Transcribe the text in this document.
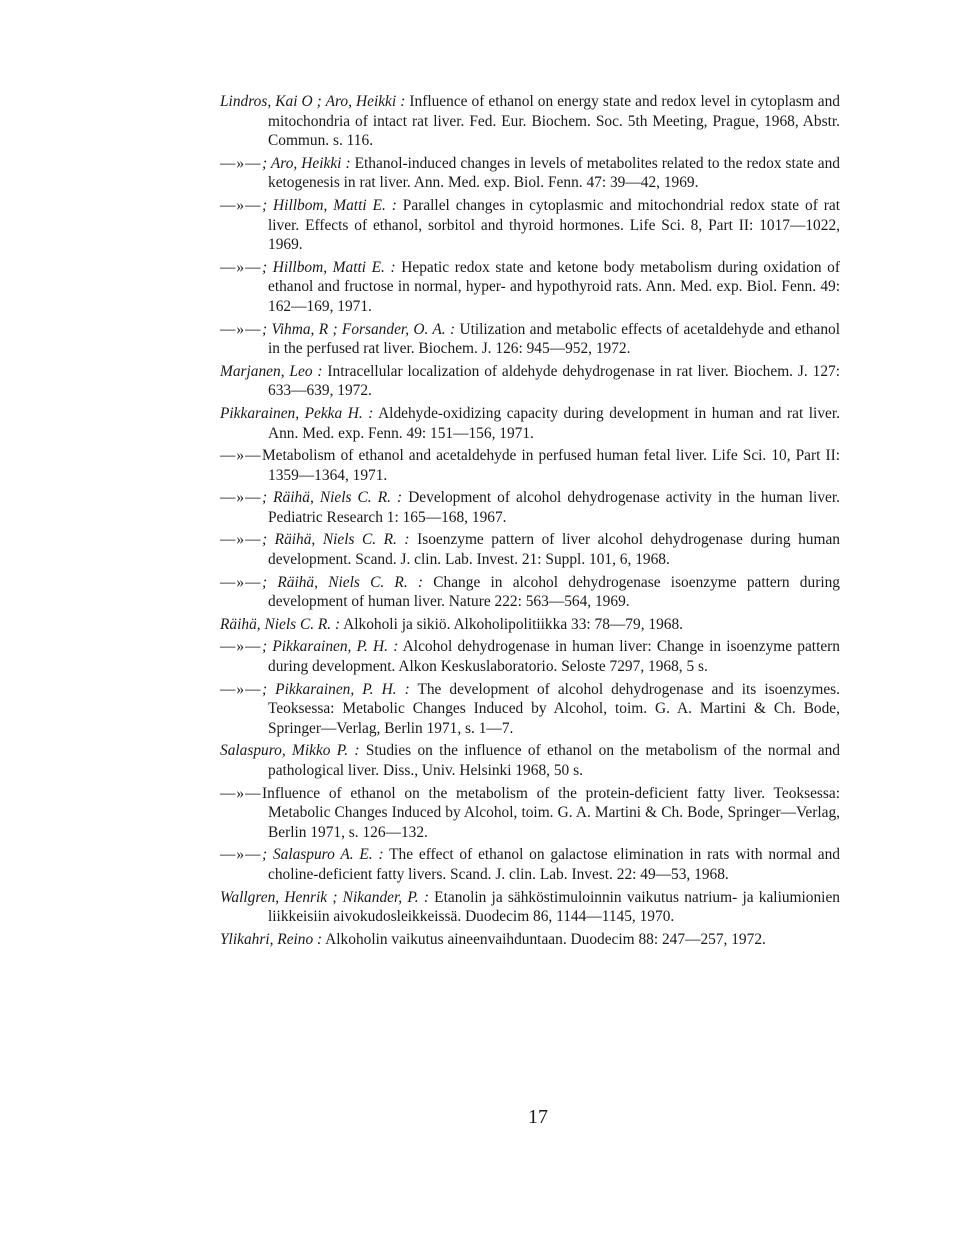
Lindros, Kai O ; Aro, Heikki : Influence of ethanol on energy state and redox level in cytoplasm and mitochondria of intact rat liver. Fed. Eur. Biochem. Soc. 5th Meeting, Prague, 1968, Abstr. Commun. s. 116.
—»—; Aro, Heikki : Ethanol-induced changes in levels of metabolites related to the redox state and ketogenesis in rat liver. Ann. Med. exp. Biol. Fenn. 47: 39—42, 1969.
—»—; Hillbom, Matti E. : Parallel changes in cytoplasmic and mitochondrial redox state of rat liver. Effects of ethanol, sorbitol and thyroid hormones. Life Sci. 8, Part II: 1017—1022, 1969.
—»—; Hillbom, Matti E. : Hepatic redox state and ketone body metabolism during oxidation of ethanol and fructose in normal, hyper- and hypothyroid rats. Ann. Med. exp. Biol. Fenn. 49: 162—169, 1971.
—»—; Vihma, R ; Forsander, O. A. : Utilization and metabolic effects of acetaldehyde and ethanol in the perfused rat liver. Biochem. J. 126: 945—952, 1972.
Marjanen, Leo : Intracellular localization of aldehyde dehydrogenase in rat liver. Biochem. J. 127: 633—639, 1972.
Pikkarainen, Pekka H. : Aldehyde-oxidizing capacity during development in human and rat liver. Ann. Med. exp. Fenn. 49: 151—156, 1971.
—»—Metabolism of ethanol and acetaldehyde in perfused human fetal liver. Life Sci. 10, Part II: 1359—1364, 1971.
—»—; Räihä, Niels C. R. : Development of alcohol dehydrogenase activity in the human liver. Pediatric Research 1: 165—168, 1967.
—»—; Räihä, Niels C. R. : Isoenzyme pattern of liver alcohol dehydrogenase during human development. Scand. J. clin. Lab. Invest. 21: Suppl. 101, 6, 1968.
—»—; Räihä, Niels C. R. : Change in alcohol dehydrogenase isoenzyme pattern during development of human liver. Nature 222: 563—564, 1969.
Räihä, Niels C. R. : Alkoholi ja sikiö. Alkoholipolitiikka 33: 78—79, 1968.
—»—; Pikkarainen, P. H. : Alcohol dehydrogenase in human liver: Change in isoenzyme pattern during development. Alkon Keskuslaboratorio. Seloste 7297, 1968, 5 s.
—»—; Pikkarainen, P. H. : The development of alcohol dehydrogenase and its isoenzymes. Teoksessa: Metabolic Changes Induced by Alcohol, toim. G. A. Martini & Ch. Bode, Springer—Verlag, Berlin 1971, s. 1—7.
Salaspuro, Mikko P. : Studies on the influence of ethanol on the metabolism of the normal and pathological liver. Diss., Univ. Helsinki 1968, 50 s.
—»—Influence of ethanol on the metabolism of the protein-deficient fatty liver. Teoksessa: Metabolic Changes Induced by Alcohol, toim. G. A. Martini & Ch. Bode, Springer—Verlag, Berlin 1971, s. 126—132.
—»—; Salaspuro A. E. : The effect of ethanol on galactose elimination in rats with normal and choline-deficient fatty livers. Scand. J. clin. Lab. Invest. 22: 49—53, 1968.
Wallgren, Henrik ; Nikander, P. : Etanolin ja sähköstimuloinnin vaikutus natrium- ja kaliumionien liikkeisiin aivokudosleikkeissä. Duodecim 86, 1144—1145, 1970.
Ylikahri, Reino : Alkoholin vaikutus aineenvaihduntaan. Duodecim 88: 247—257, 1972.
17
